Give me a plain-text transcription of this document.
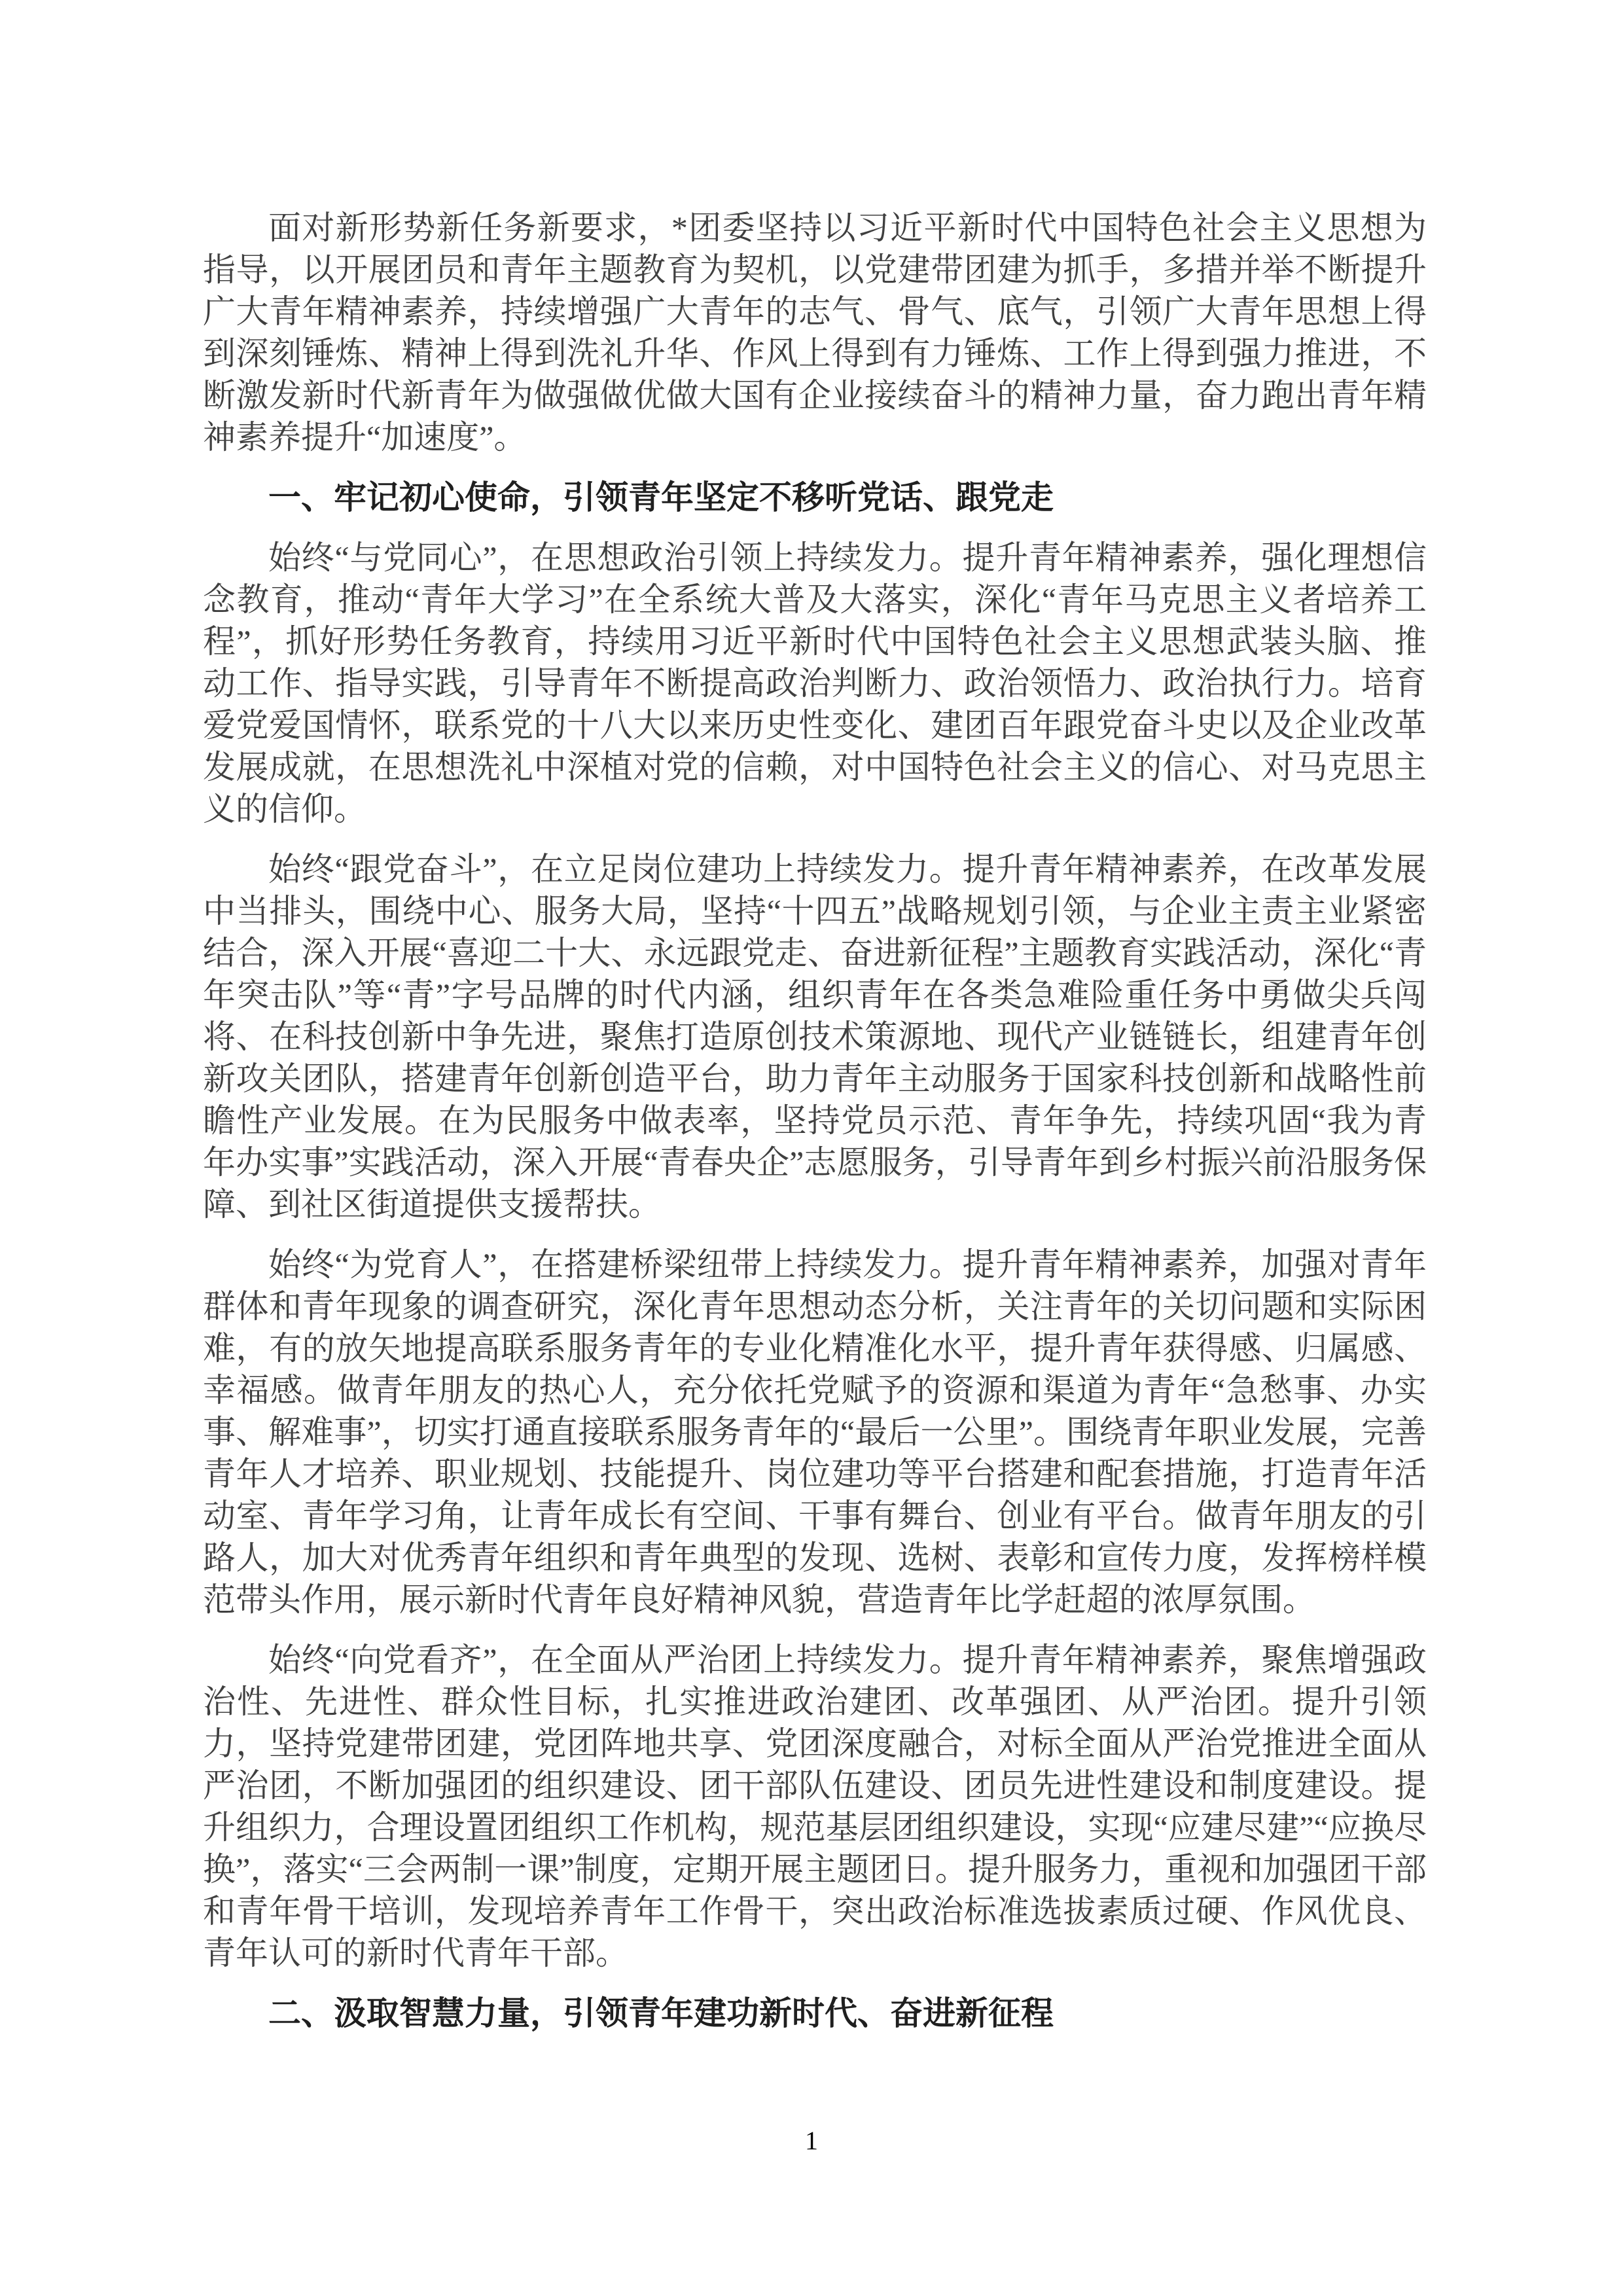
面对新形势新任务新要求，*团委坚持以习近平新时代中国特色社会主义思想为指导，以开展团员和青年主题教育为契机，以党建带团建为抓手，多措并举不断提升广大青年精神素养，持续增强广大青年的志气、骨气、底气，引领广大青年思想上得到深刻锤炼、精神上得到洗礼升华、作风上得到有力锤炼、工作上得到强力推进，不断激发新时代新青年为做强做优做大国有企业接续奋斗的精神力量，奋力跑出青年精神素养提升“加速度”。

一、牢记初心使命，引领青年坚定不移听党话、跟党走

始终“与党同心”，在思想政治引领上持续发力。提升青年精神素养，强化理想信念教育，推动“青年大学习”在全系统大普及大落实，深化“青年马克思主义者培养工程”，抓好形势任务教育，持续用习近平新时代中国特色社会主义思想武装头脑、推动工作、指导实践，引导青年不断提高政治判断力、政治领悟力、政治执行力。培育爱党爱国情怀，联系党的十八大以来历史性变化、建团百年跟党奋斗史以及企业改革发展成就，在思想洗礼中深植对党的信赖，对中国特色社会主义的信心、对马克思主义的信仰。

始终“跟党奋斗”，在立足岗位建功上持续发力。提升青年精神素养，在改革发展中当排头，围绕中心、服务大局，坚持“十四五”战略规划引领，与企业主责主业紧密结合，深入开展“喜迎二十大、永远跟党走、奋进新征程”主题教育实践活动，深化“青年突击队”等“青”字号品牌的时代内涵，组织青年在各类急难险重任务中勇做尖兵闯将、在科技创新中争先进，聚焦打造原创技术策源地、现代产业链链长，组建青年创新攻关团队，搭建青年创新创造平台，助力青年主动服务于国家科技创新和战略性前瞻性产业发展。在为民服务中做表率，坚持党员示范、青年争先，持续巩固“我为青年办实事”实践活动，深入开展“青春央企”志愿服务，引导青年到乡村振兴前沿服务保障、到社区街道提供支援帮扶。

始终“为党育人”，在搭建桥梁纽带上持续发力。提升青年精神素养，加强对青年群体和青年现象的调查研究，深化青年思想动态分析，关注青年的关切问题和实际困难，有的放矢地提高联系服务青年的专业化精准化水平，提升青年获得感、归属感、幸福感。做青年朋友的热心人，充分依托党赋予的资源和渠道为青年“急愁事、办实事、解难事”，切实打通直接联系服务青年的“最后一公里”。围绕青年职业发展，完善青年人才培养、职业规划、技能提升、岗位建功等平台搭建和配套措施，打造青年活动室、青年学习角，让青年成长有空间、干事有舞台、创业有平台。做青年朋友的引路人，加大对优秀青年组织和青年典型的发现、选树、表彰和宣传力度，发挥榜样模范带头作用，展示新时代青年良好精神风貌，营造青年比学赶超的浓厚氛围。

始终“向党看齐”，在全面从严治团上持续发力。提升青年精神素养，聚焦增强政治性、先进性、群众性目标，扎实推进政治建团、改革强团、从严治团。提升引领力，坚持党建带团建，党团阵地共享、党团深度融合，对标全面从严治党推进全面从严治团，不断加强团的组织建设、团干部队伍建设、团员先进性建设和制度建设。提升组织力，合理设置团组织工作机构，规范基层团组织建设，实现“应建尽建”“应换尽换”，落实“三会两制一课”制度，定期开展主题团日。提升服务力，重视和加强团干部和青年骨干培训，发现培养青年工作骨干，突出政治标准选拔素质过硬、作风优良、青年认可的新时代青年干部。

二、汲取智慧力量，引领青年建功新时代、奋进新征程
1
